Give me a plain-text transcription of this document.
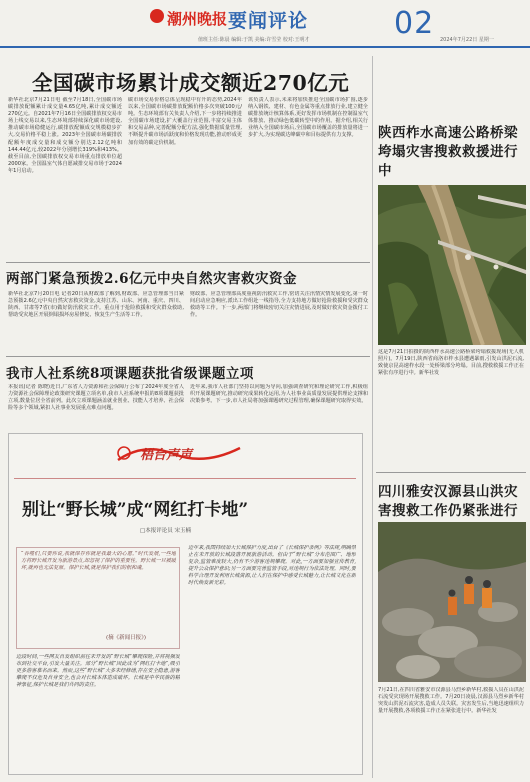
潮州晚报 要闻评论	02
值班主任:陈晨 编辑:于凯 美编:许雪莹 校对:王明才	2024年7月22日 星期一
全国碳市场累计成交额近270亿元
新华社北京7月21日电 截至7月18日,全国碳市场碳排放配额累计成交量4.65亿吨,累计成交额近270亿元。自2021年7月16日全国碳排放权交易市场上线交易以来,生态环境部持续深化碳市场建设,推动碳市场稳健运行,碳排放配额成交规模稳步扩大,交易价格平稳上涨。2023年全国碳市场碳排放配额年度成交量和成交额分别达2.12亿吨和144.44亿元,较2022年分别增长319%和413%。截至目前,全国碳排放权交易市场重点排放单位超2000家。全国温室气体自愿减排交易市场于2024年1月启动。
碳市场交易价格总体呈现稳中有升的态势,2024年以来,全国碳市场碳排放配额价格多次突破100元/吨。生态环境部有关负责人介绍,下一步将持续推进全国碳市场建设,扩大覆盖行业范围,丰富交易主体和交易品种,完善配额分配方法,强化数据质量管理,不断提升碳市场活跃度和价格发现功能,推动形成更加有效的碳定价机制。
该负责人表示,未来将加快推进全国碳市场扩围,逐步纳入钢铁、建材、有色金属等重点排放行业,建立健全碳排放统计核算体系,更好发挥市场机制在控制温室气体排放、推动绿色低碳转型中的作用。据介绍,相关行业纳入全国碳市场后,全国碳市场覆盖的排放量将进一步扩大,为实现碳达峰碳中和目标提供有力支撑。
两部门紧急预拨2.6亿元中央自然灾害救灾资金
新华社北京7月20日电 记者20日从财政部了解到,财政部、应急管理部当日紧急预拨2.6亿元中央自然灾害救灾资金,支持江苏、山东、河南、重庆、四川、陕西、甘肃等7省(市)做好防汛救灾工作。重点用于抢险救援和受灾群众救助,帮助受灾地区开展倒塌损坏房屋修复、恢复生产生活等工作。
财政部、应急管理部高度重视防汛救灾工作,密切关注汛情灾情发展变化,第一时间启动应急响应,派出工作组赴一线指导,全力支持地方做好抢险救援和受灾群众救助等工作。下一步,两部门将继续密切关注灾情进展,及时做好救灾资金拨付工作。
我市人社系统8项课题获批省级课题立项
本报讯(记者 陈晓)近日,广东省人力资源和社会保障厅公布了2024年度全省人力资源社会保障理论政策研究课题立项名单,我市人社系统申报的8项课题获批立项,数量位居全省前列。此次立项课题涵盖就业创业、技能人才培养、社会保险等多个领域,紧扣人社事业发展重点难点问题。
近年来,我市人社部门坚持以问题为导向,加强调查研究和理论研究工作,积极组织开展课题研究,推动研究成果转化运用,为人社事业高质量发展提供理论支撑和决策参考。下一步,市人社局将加强课题研究过程管理,确保课题研究取得实效。
陕西柞水高速公路桥梁垮塌灾害搜救救援进行中
这是7月21日拍摄的陕西柞水高速公路桥梁垮塌救援现场(无人机照片)。7月19日,陕西省商洛市柞水县遭遇暴雨,引发山洪泥石流,致使京昆高速柞水段一处桥梁部分垮塌。目前,搜救救援工作正在紧张有序进行中。新华社发
四川雅安汉源县山洪灾害搜救工作仍紧张进行
7月21日,在四川省雅安市汉源县马烈乡新华村,救援人员在山洪泥石流受灾现场开展搜救工作。7月20日凌晨,汉源县马烈乡新华村突发山洪泥石流灾害,造成人员失联。灾害发生后,当地迅速组织力量开展搜救,各项救援工作正在紧张进行中。新华社发
梧台声声
别让“野长城”成“网红打卡地”
□本报评论员 宋玉楠
“吞噬们,只要你说,我就保存你就是我最大的心愿。”时代发展,一些地方将野长城开发为旅游景点,却忽视了保护的重要性。野长城一旦被破坏,就再也无法复原。保护长城,就是保护我们的根和魂。
(摘《新闻日报》)
近段时间,一些网友自发组织前往未开发的“野长城”攀爬探险,并将视频发布到社交平台,引发大量关注。部分“野长城”因此成为“网红打卡地”,吸引更多游客慕名而来。然而,这些“野长城”大多未经修缮,存在安全隐患,游客攀爬不仅危及自身安全,也会对长城本体造成破坏。长城是中华民族的精神象征,保护长城是我们共同的责任。
近年来,我国持续加大长城保护力度,出台了《长城保护条例》等法规,明确禁止在未开放的长城段落开展旅游活动。但由于“野长城”分布范围广、地形复杂,监管难度较大,仍有不少游客违规攀爬。对此,一方面要加强宣传教育,提升公众保护意识;另一方面要完善监管手段,对违规行为依法处理。同时,要科学合理开发利用长城资源,让人们在保护中感受长城魅力,让长城文化在新时代焕发新光彩。
